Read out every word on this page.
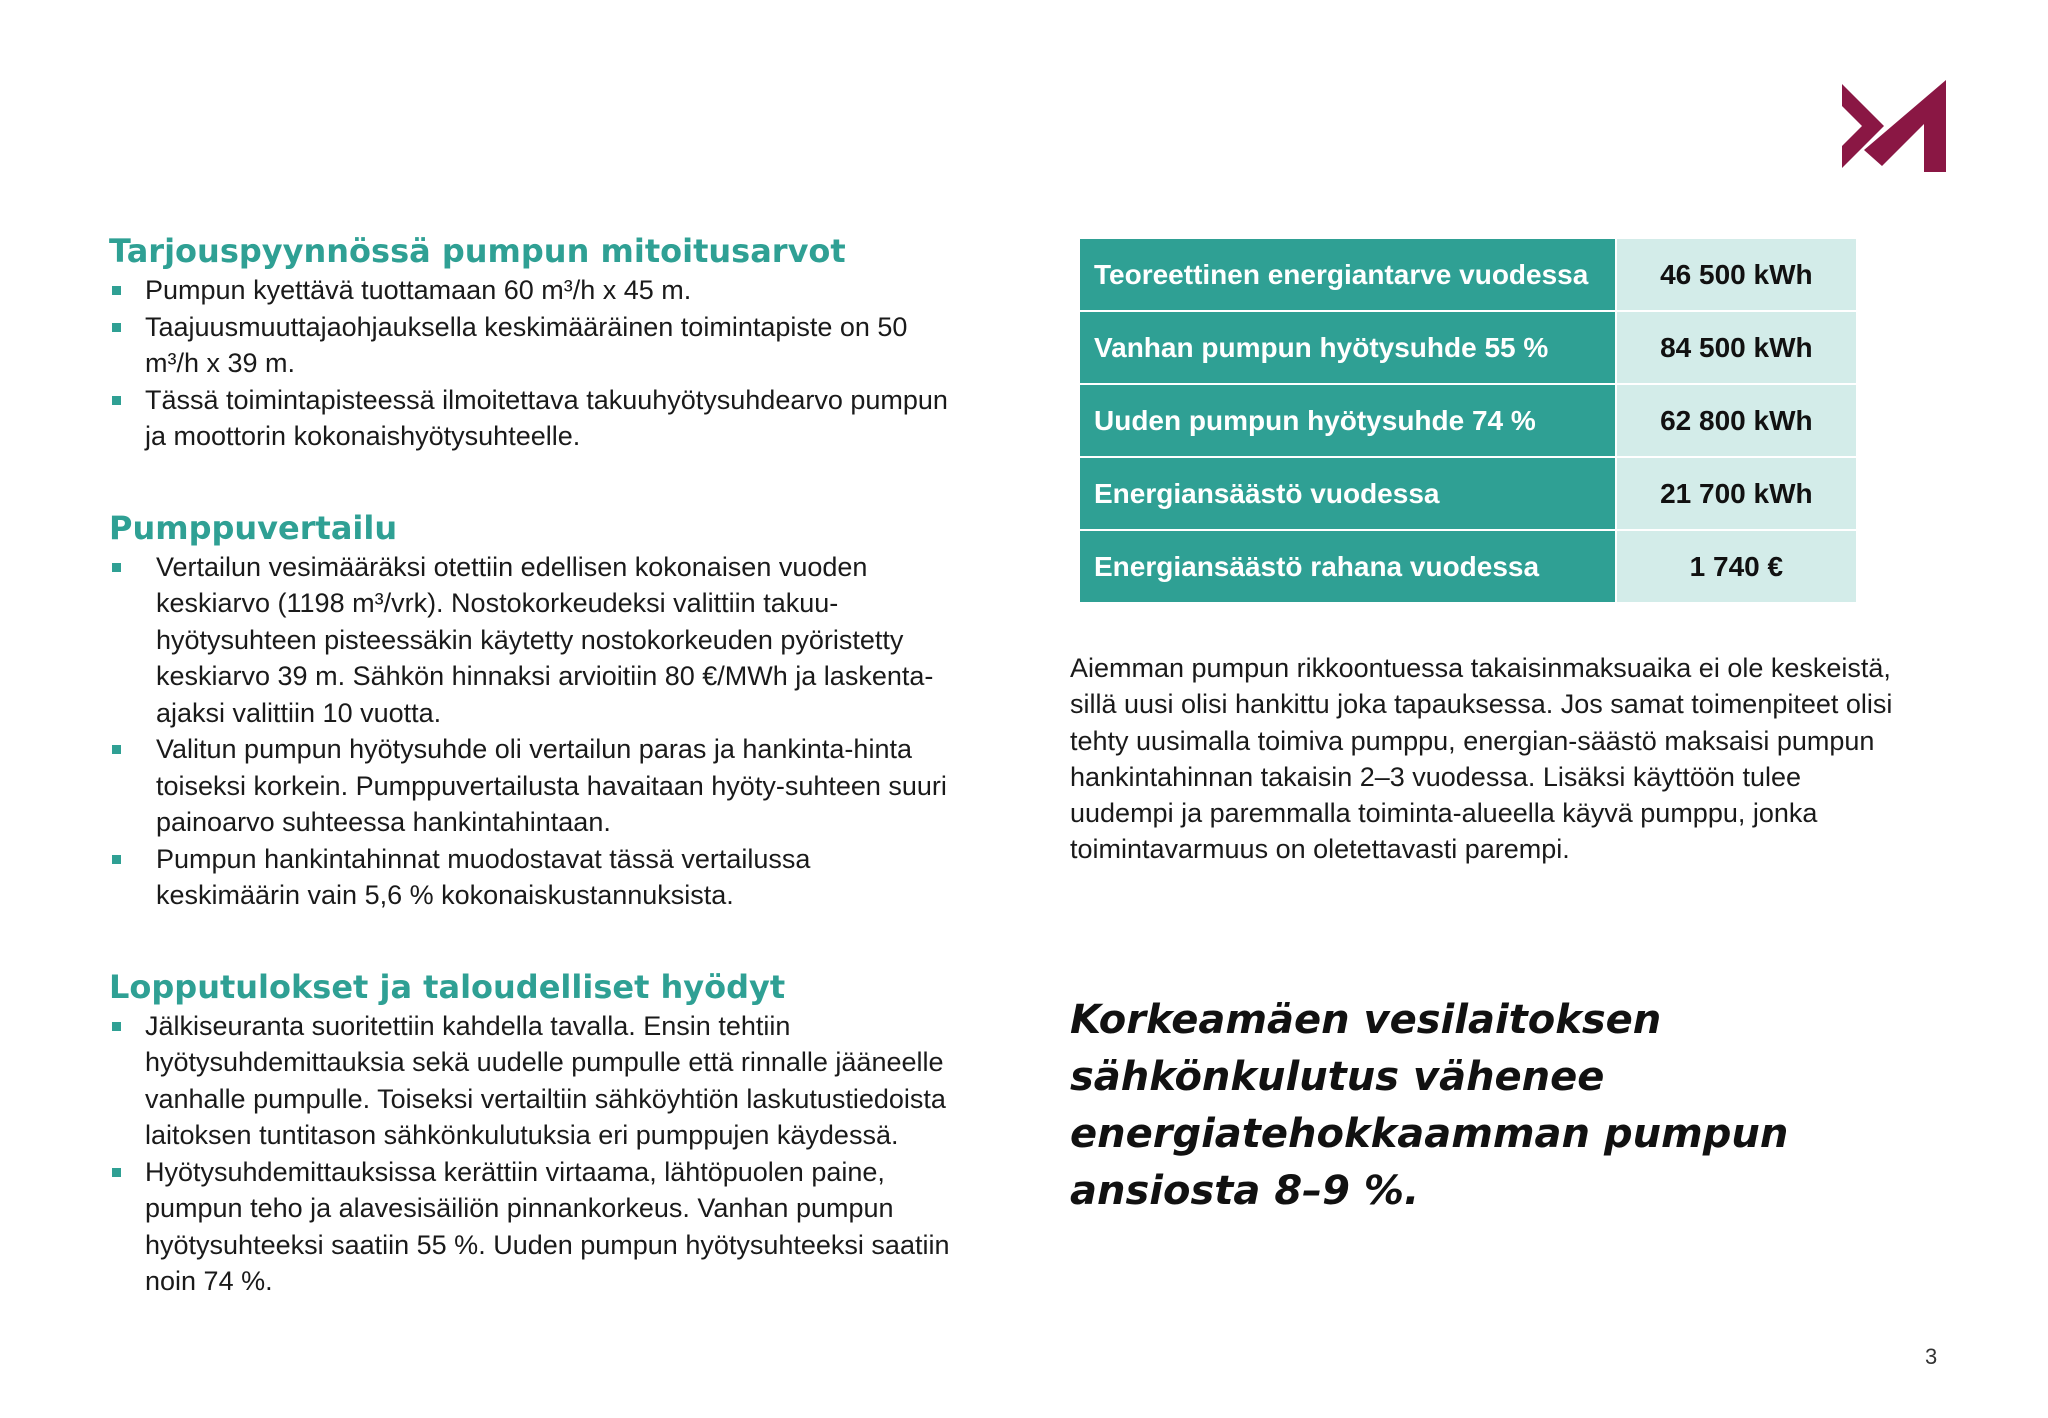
Tarjouspyynnössä pumpun mitoitusarvot
Pumpun kyettävä tuottamaan 60 m³/h x 45 m.
Taajuusmuuttajaohjauksella keskimääräinen toimintapiste on 50 m³/h x 39 m.
Tässä toimintapisteessä ilmoitettava takuuhyötysuhdearvo pumpun ja moottorin kokonaishyötysuhteelle.
Pumppuvertailu
Vertailun vesimääräksi otettiin edellisen kokonaisen vuoden keskiarvo (1198 m³/vrk). Nostokorkeudeksi valittiin takuu-hyötysuhteen pisteessäkin käytetty nostokorkeuden pyöristetty keskiarvo 39 m. Sähkön hinnaksi arvioitiin 80 €/MWh ja laskenta-ajaksi valittiin 10 vuotta.
Valitun pumpun hyötysuhde oli vertailun paras ja hankinta-hinta toiseksi korkein. Pumppuvertailusta havaitaan hyöty-suhteen suuri painoarvo suhteessa hankintahintaan.
Pumpun hankintahinnat muodostavat tässä vertailussa keskimäärin vain 5,6 % kokonaiskustannuksista.
Lopputulokset ja taloudelliset hyödyt
Jälkiseuranta suoritettiin kahdella tavalla. Ensin tehtiin hyötysuhdemittauksia sekä uudelle pumpulle että rinnalle jääneelle vanhalle pumpulle. Toiseksi vertailtiin sähköyhtiön laskutustiedoista laitoksen tuntitason sähkönkulutuksia eri pumppujen käydessä.
Hyötysuhdemittauksissa kerättiin virtaama, lähtöpuolen paine, pumpun teho ja alavesisäiliön pinnankorkeus. Vanhan pumpun hyötysuhteeksi saatiin 55 %. Uuden pumpun hyötysuhteeksi saatiin noin 74 %.
Teoreettinen energiantarve vuodessa	46 500 kWh
Vanhan pumpun hyötysuhde 55 %	84 500 kWh
Uuden pumpun hyötysuhde 74 %	62 800 kWh
Energiansäästö vuodessa	21 700 kWh
Energiansäästö rahana vuodessa	1 740 €

Aiemman pumpun rikkoontuessa takaisinmaksuaika ei ole keskeistä, sillä uusi olisi hankittu joka tapauksessa. Jos samat toimenpiteet olisi tehty uusimalla toimiva pumppu, energian-säästö maksaisi pumpun hankintahinnan takaisin 2–3 vuodessa. Lisäksi käyttöön tulee uudempi ja paremmalla toiminta-alueella käyvä pumppu, jonka toimintavarmuus on oletettavasti parempi.

Korkeamäen vesilaitoksen sähkönkulutus vähenee energiatehokkaamman pumpun ansiosta 8–9 %.

3
